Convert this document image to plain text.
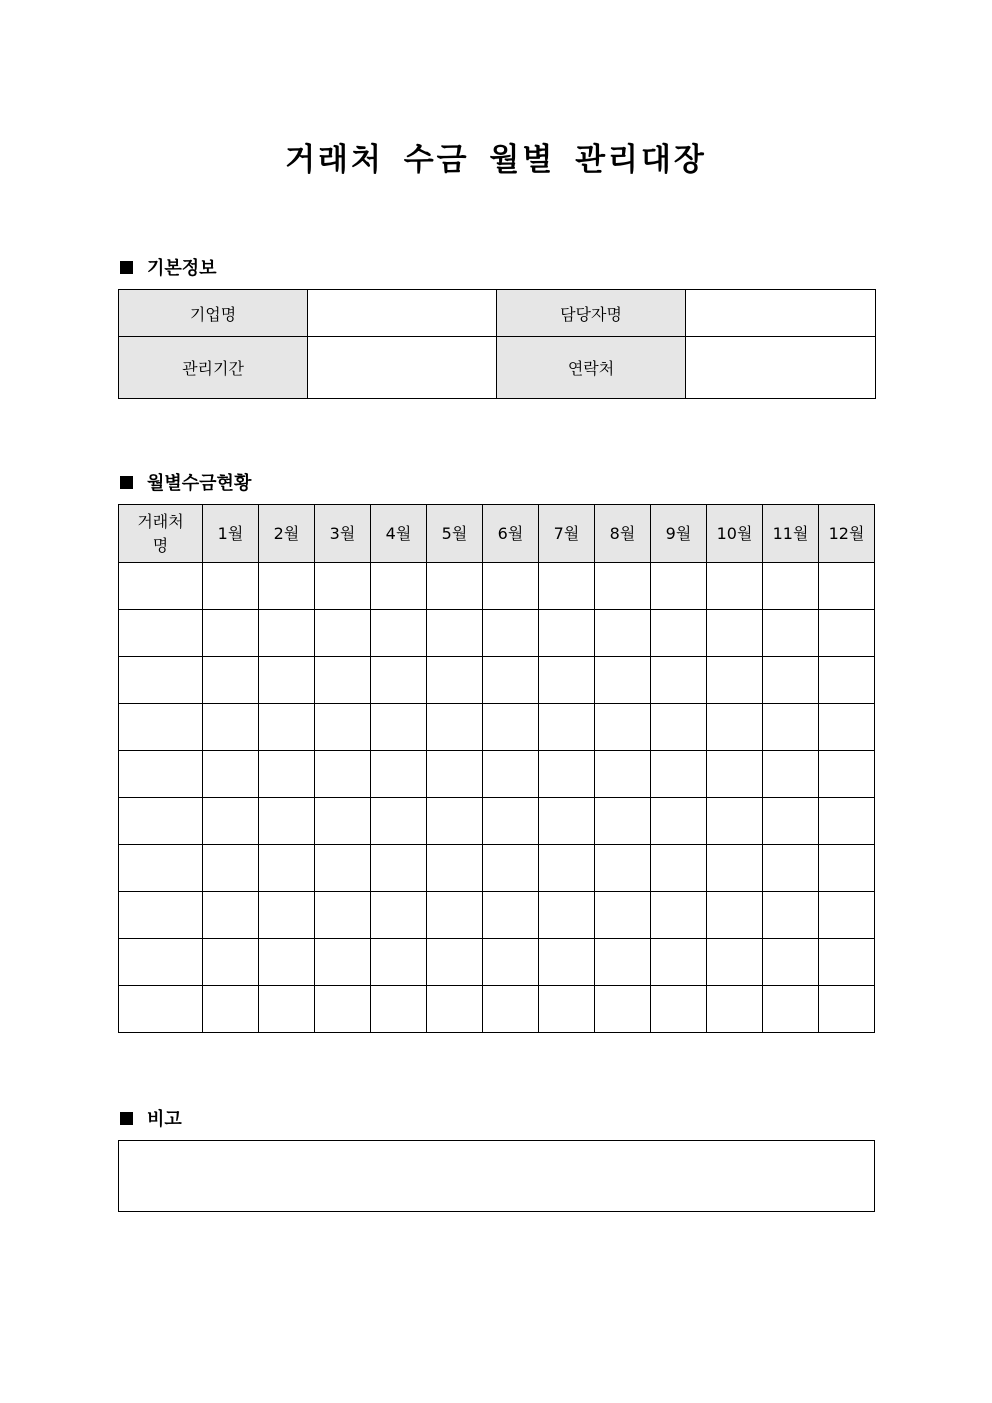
거래처 수금 월별 관리대장
기본정보
기업명		담당자명	
관리기간		연락처	
월별수금현황
거래처
명	1월	2월	3월	4월	5월	6월	7월	8월	9월	10월	11월	12월

비고
